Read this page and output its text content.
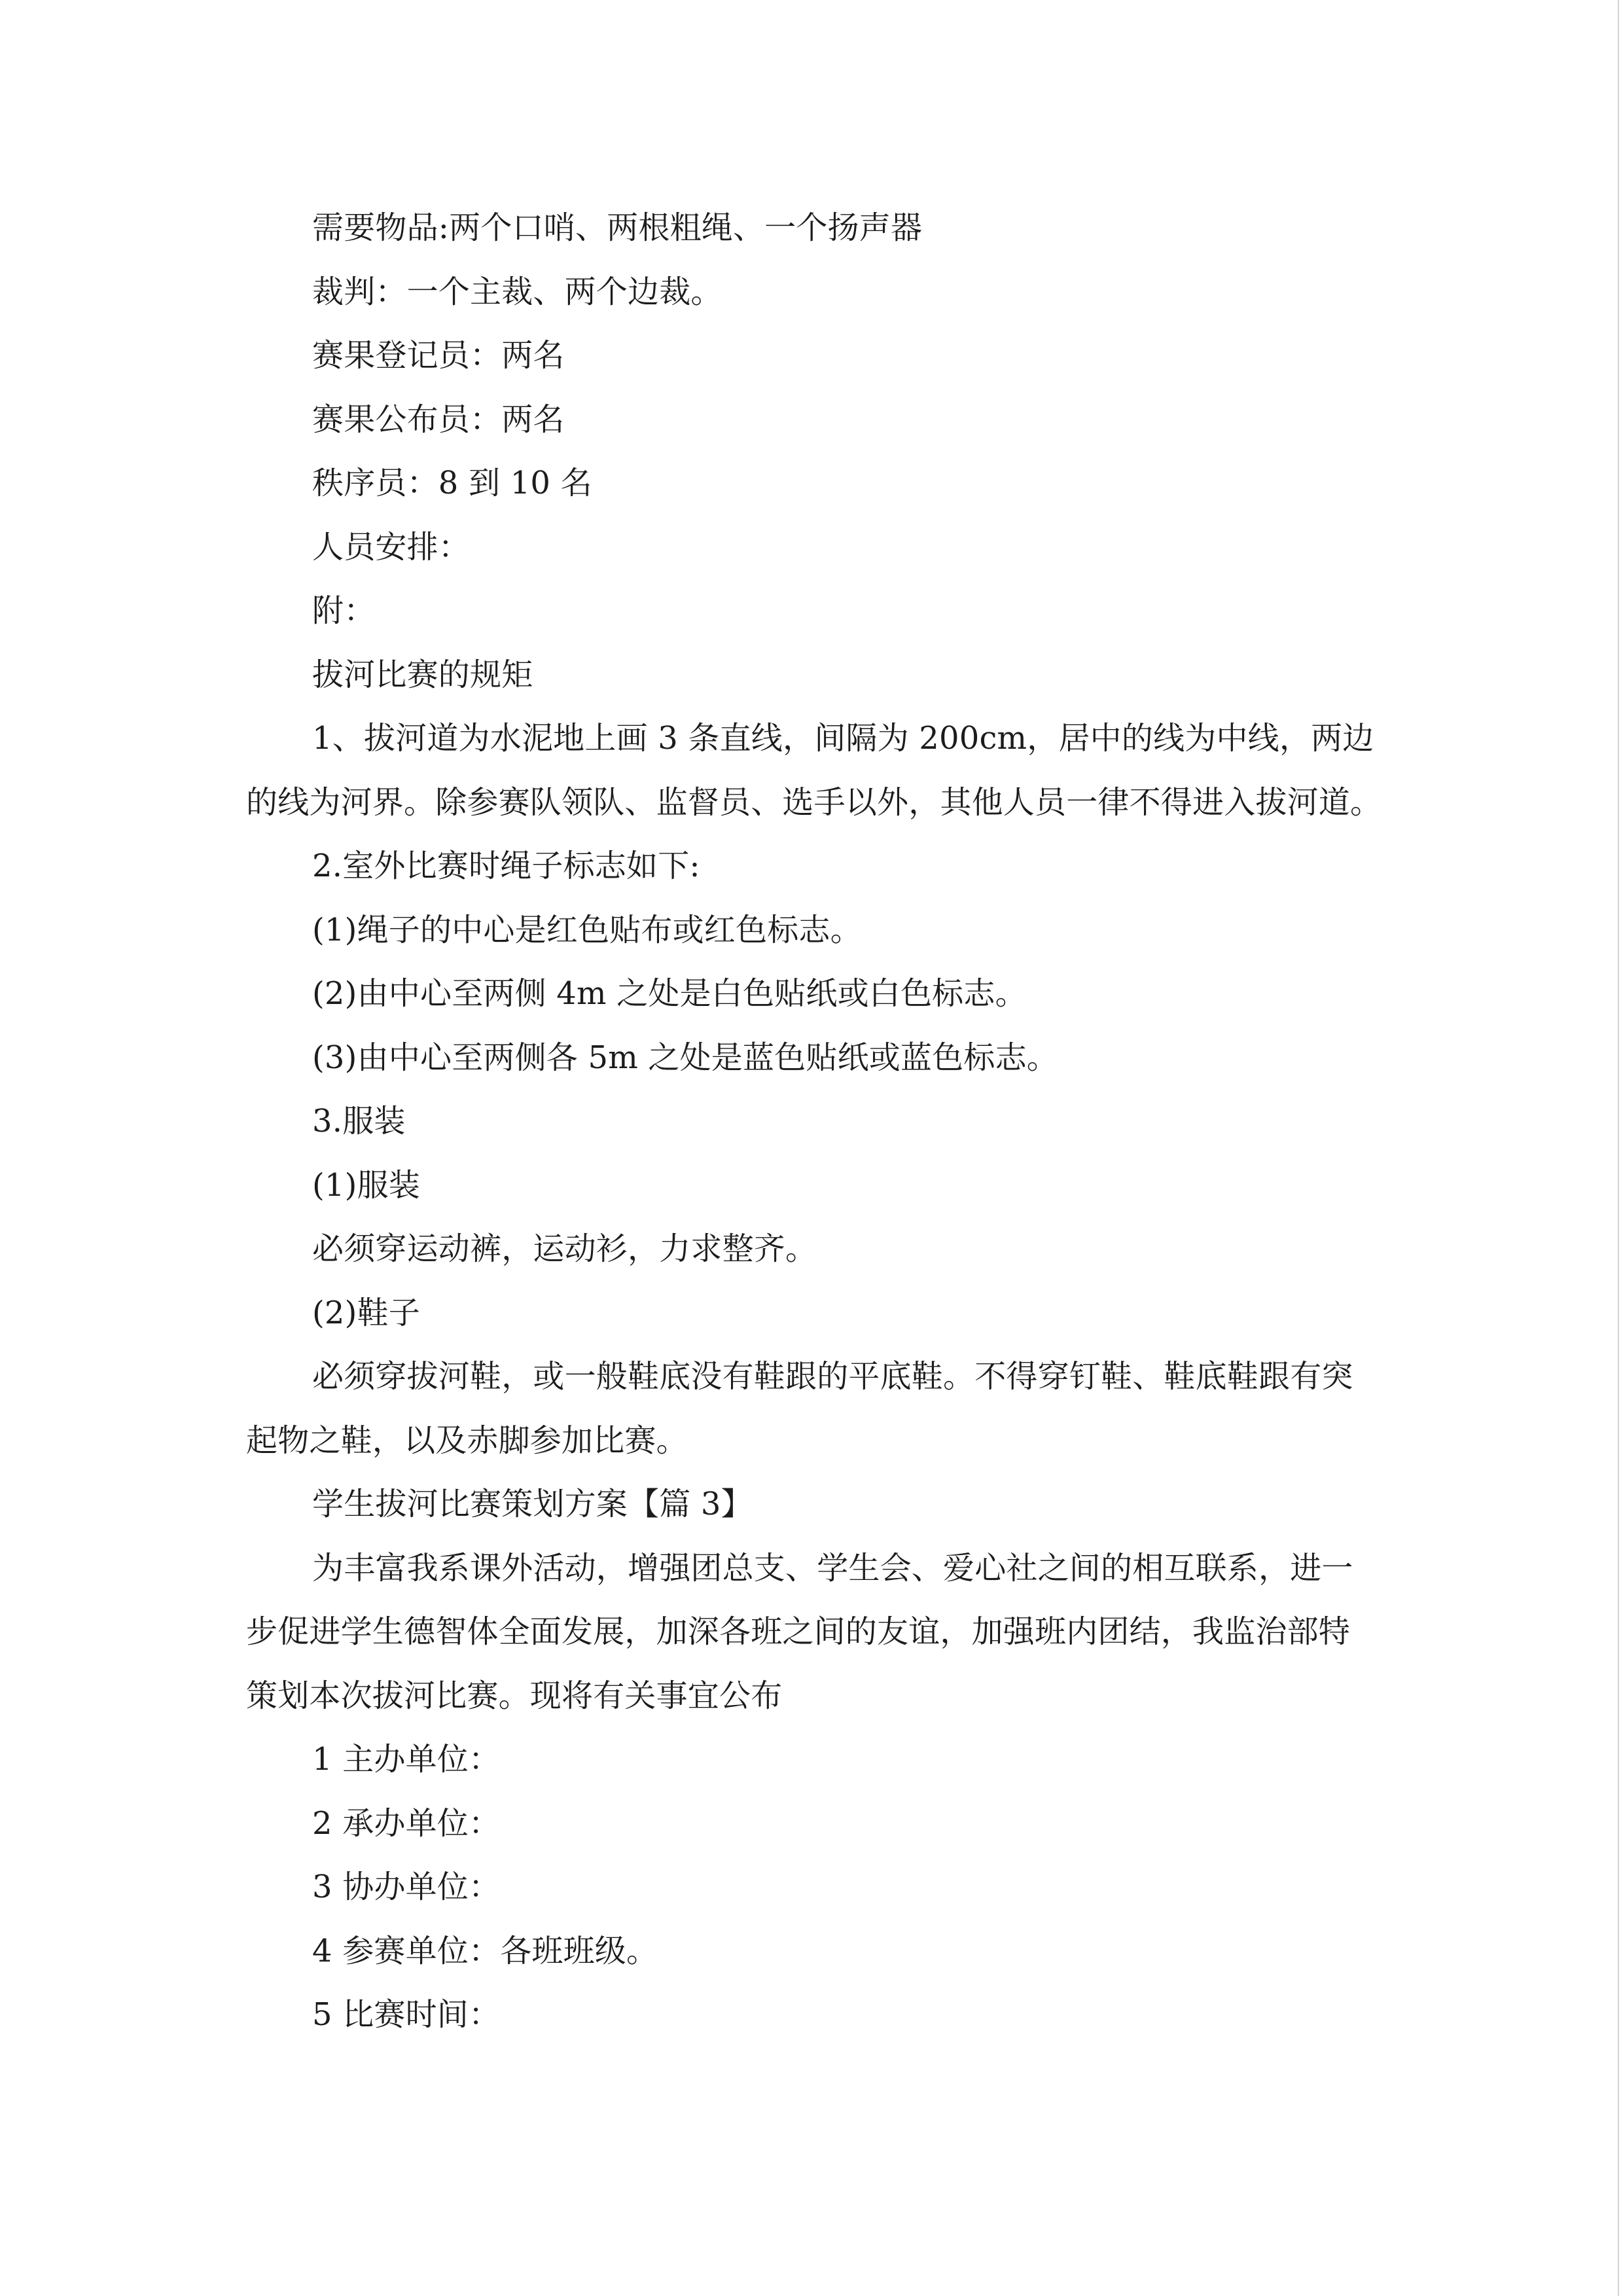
需要物品:两个口哨、两根粗绳、一个扬声器
裁判：一个主裁、两个边裁。
赛果登记员：两名
赛果公布员：两名
秩序员：8 到 10 名
人员安排：
附：
拔河比赛的规矩
1、拔河道为水泥地上画 3 条直线，间隔为 200cm，居中的线为中线，两边
的线为河界。除参赛队领队、监督员、选手以外，其他人员一律不得进入拔河道。
2.室外比赛时绳子标志如下:
(1)绳子的中心是红色贴布或红色标志。
(2)由中心至两侧 4m 之处是白色贴纸或白色标志。
(3)由中心至两侧各 5m 之处是蓝色贴纸或蓝色标志。
3.服装
(1)服装
必须穿运动裤，运动衫，力求整齐。
(2)鞋子
必须穿拔河鞋，或一般鞋底没有鞋跟的平底鞋。不得穿钉鞋、鞋底鞋跟有突
起物之鞋，以及赤脚参加比赛。
学生拔河比赛策划方案【篇 3】
为丰富我系课外活动，增强团总支、学生会、爱心社之间的相互联系，进一
步促进学生德智体全面发展，加深各班之间的友谊，加强班内团结，我监治部特
策划本次拔河比赛。现将有关事宜公布
1 主办单位：
2 承办单位：
3 协办单位：
4 参赛单位：各班班级。
5 比赛时间：
